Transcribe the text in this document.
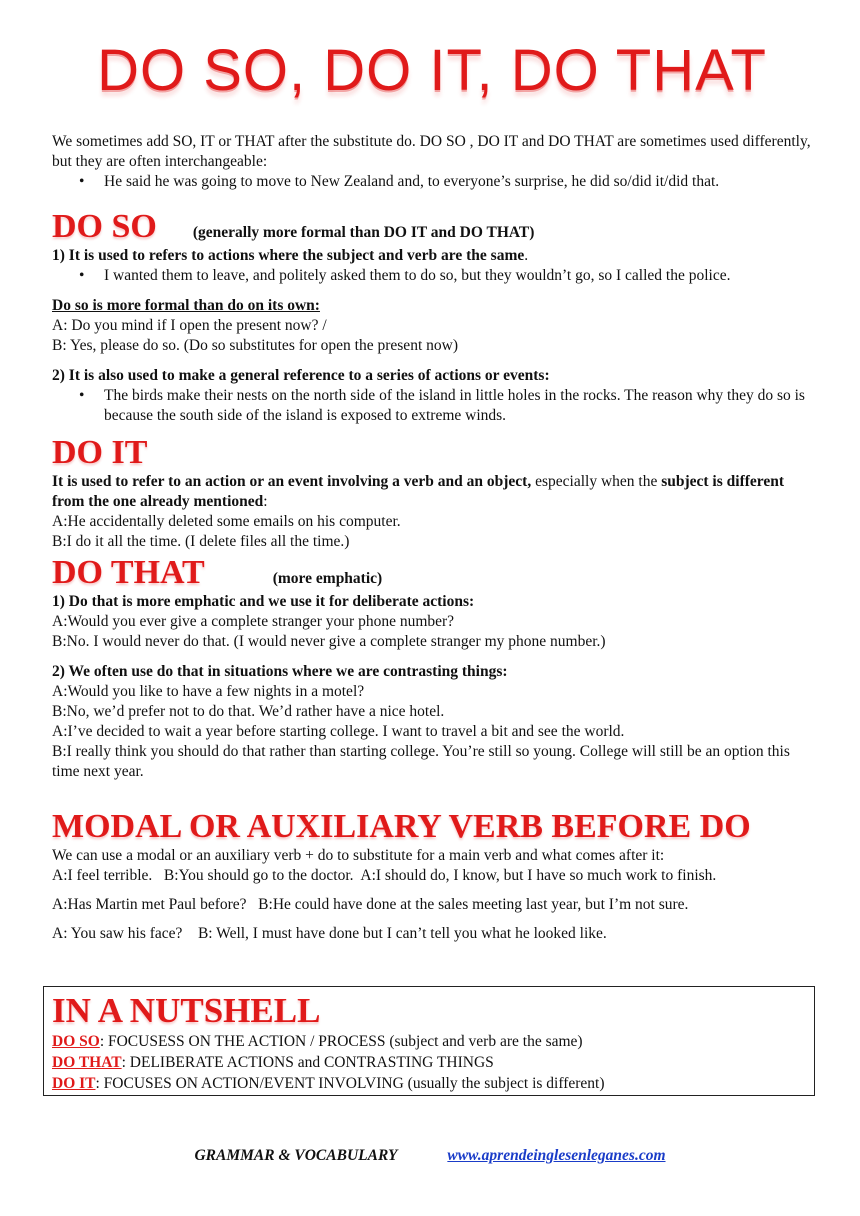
DO SO, DO IT, DO THAT

We sometimes add SO, IT or THAT after the substitute do. DO SO , DO IT and DO THAT are sometimes used differently, but they are often interchangeable:

• He said he was going to move to New Zealand and, to everyone’s surprise, he did so/did it/did that.
DO SO (generally more formal than DO IT and DO THAT)

1) It is used to refers to actions where the subject and verb are the same.

• I wanted them to leave, and politely asked them to do so, but they wouldn’t go, so I called the police.

Do so is more formal than do on its own:

A: Do you mind if I open the present now? /

B: Yes, please do so. (Do so substitutes for open the present now)

2) It is also used to make a general reference to a series of actions or events:

• The birds make their nests on the north side of the island in little holes in the rocks. The reason why they do so is because the south side of the island is exposed to extreme winds.
DO IT

It is used to refer to an action or an event involving a verb and an object, especially when the subject is different from the one already mentioned:

A:He accidentally deleted some emails on his computer.

B:I do it all the time. (I delete files all the time.)

DO THAT	(more emphatic)

1) Do that is more emphatic and we use it for deliberate actions:

A:Would you ever give a complete stranger your phone number?

B:No. I would never do that. (I would never give a complete stranger my phone number.)

2) We often use do that in situations where we are contrasting things:

A:Would you like to have a few nights in a motel?

B:No, we’d prefer not to do that. We’d rather have a nice hotel.

A:I’ve decided to wait a year before starting college. I want to travel a bit and see the world.

B:I really think you should do that rather than starting college. You’re still so young. College will still be an option this time next year.

MODAL OR AUXILIARY VERB BEFORE DO

We can use a modal or an auxiliary verb + do to substitute for a main verb and what comes after it:

A:I feel terrible.   B:You should go to the doctor.  A:I should do, I know, but I have so much work to finish.

A:Has Martin met Paul before?   B:He could have done at the sales meeting last year, but I’m not sure.

A: You saw his face?    B: Well, I must have done but I can’t tell you what he looked like.

IN A NUTSHELL
DO SO: FOCUSESS ON THE ACTION / PROCESS (subject and verb are the same)
DO THAT: DELIBERATE ACTIONS and CONTRASTING THINGS
DO IT: FOCUSES ON ACTION/EVENT INVOLVING (usually the subject is different)
GRAMMAR & VOCABULARY	www.aprendeinglesenleganes.com
